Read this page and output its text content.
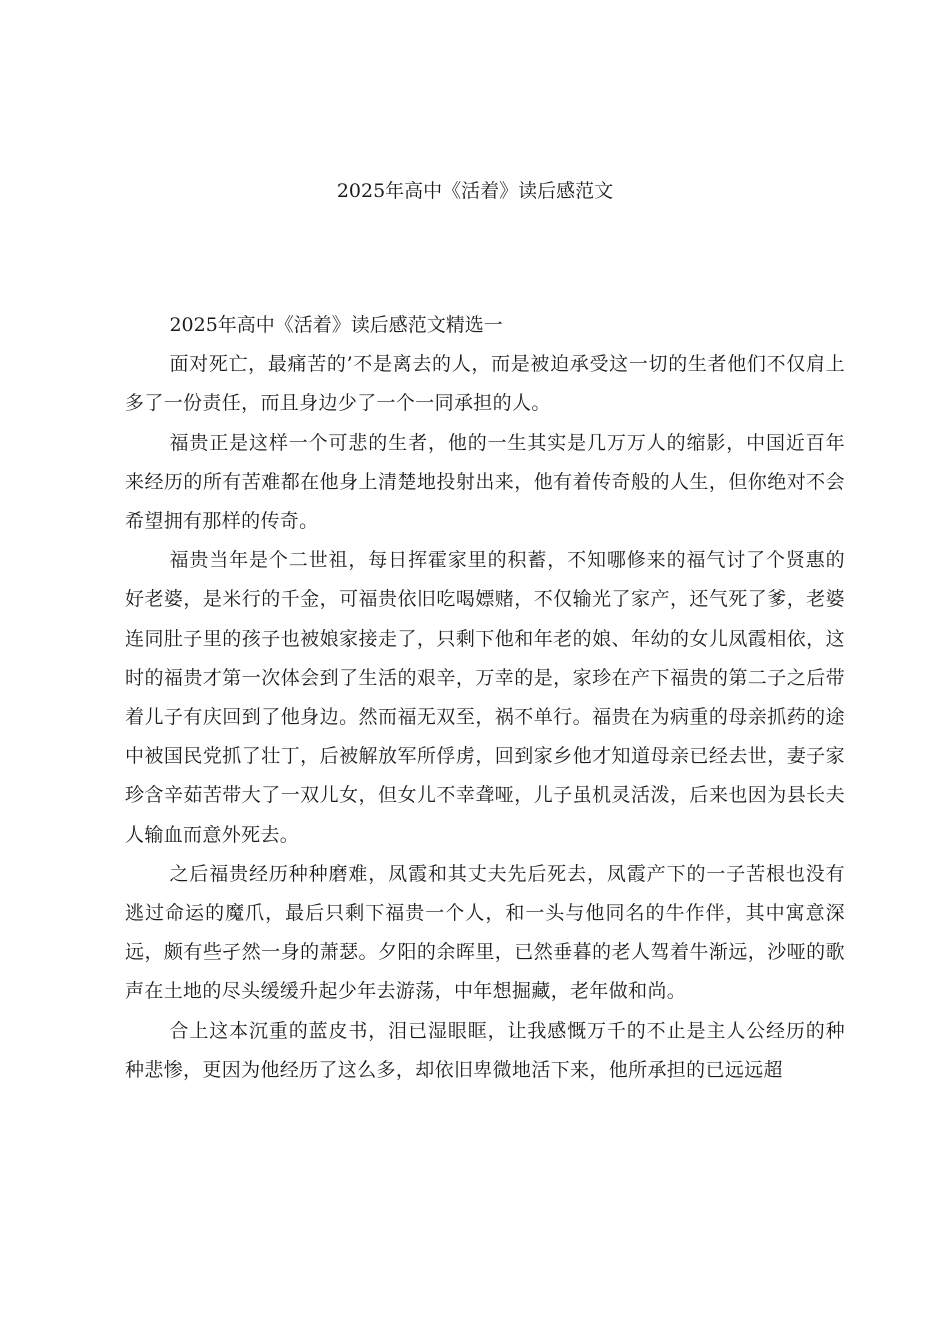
2025年高中《活着》读后感范文

2025年高中《活着》读后感范文精选一

面对死亡，最痛苦的’不是离去的人，而是被迫承受这一切的生者他们不仅肩上多了一份责任，而且身边少了一个一同承担的人。

福贵正是这样一个可悲的生者，他的一生其实是几万万人的缩影，中国近百年来经历的所有苦难都在他身上清楚地投射出来，他有着传奇般的人生，但你绝对不会希望拥有那样的传奇。

福贵当年是个二世祖，每日挥霍家里的积蓄，不知哪修来的福气讨了个贤惠的好老婆，是米行的千金，可福贵依旧吃喝嫖赌，不仅输光了家产，还气死了爹，老婆连同肚子里的孩子也被娘家接走了，只剩下他和年老的娘、年幼的女儿凤霞相依，这时的福贵才第一次体会到了生活的艰辛，万幸的是，家珍在产下福贵的第二子之后带着儿子有庆回到了他身边。然而福无双至，祸不单行。福贵在为病重的母亲抓药的途中被国民党抓了壮丁，后被解放军所俘虏，回到家乡他才知道母亲已经去世，妻子家珍含辛茹苦带大了一双儿女，但女儿不幸聋哑，儿子虽机灵活泼，后来也因为县长夫人输血而意外死去。

之后福贵经历种种磨难，凤霞和其丈夫先后死去，凤霞产下的一子苦根也没有逃过命运的魔爪，最后只剩下福贵一个人，和一头与他同名的牛作伴，其中寓意深远，颇有些孑然一身的萧瑟。夕阳的余晖里，已然垂暮的老人驾着牛渐远，沙哑的歌声在土地的尽头缓缓升起少年去游荡，中年想掘藏，老年做和尚。

合上这本沉重的蓝皮书，泪已湿眼眶，让我感慨万千的不止是主人公经历的种种悲惨，更因为他经历了这么多，却依旧卑微地活下来，他所承担的已远远超
